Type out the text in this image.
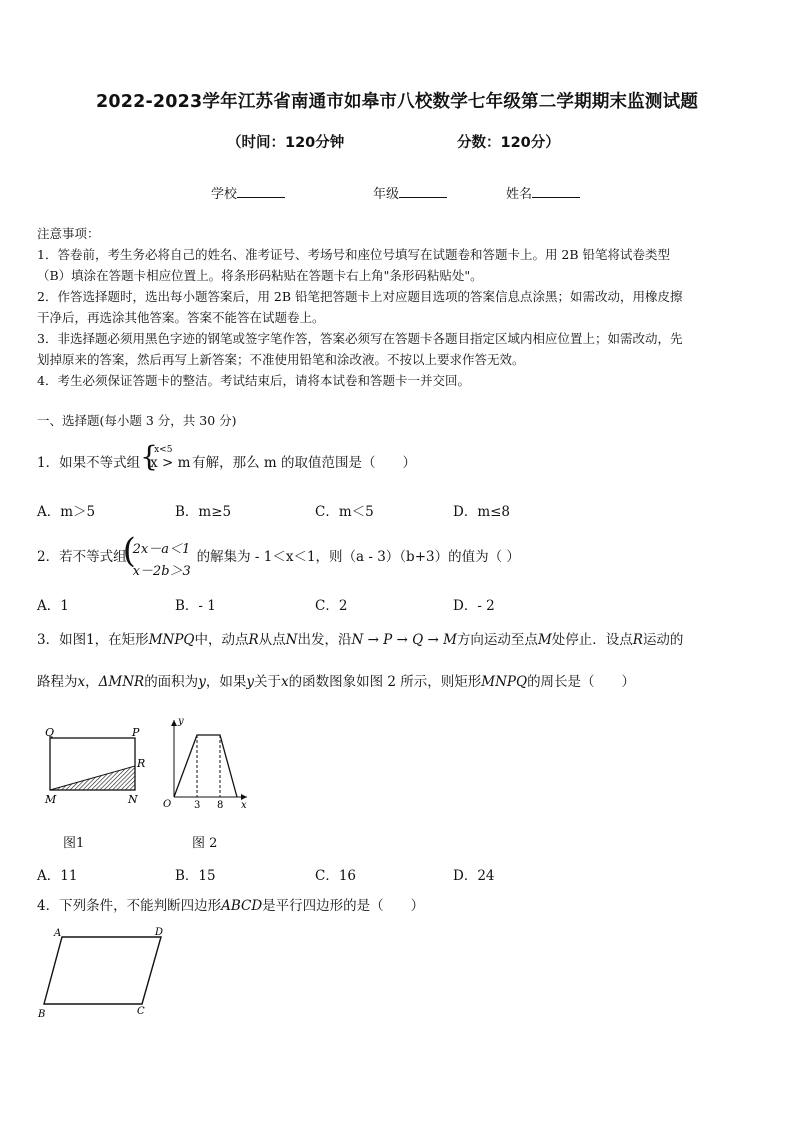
2022-2023学年江苏省南通市如皋市八校数学七年级第二学期期末监测试题
（时间：120分钟	分数：120分）
学校	年级	姓名
注意事项：
1．答卷前，考生务必将自己的姓名、准考证号、考场号和座位号填写在试题卷和答题卡上。用 2B 铅笔将试卷类型
（B）填涂在答题卡相应位置上。将条形码粘贴在答题卡右上角"条形码粘贴处"。
2．作答选择题时，选出每小题答案后，用 2B 铅笔把答题卡上对应题目选项的答案信息点涂黑；如需改动，用橡皮擦
干净后，再选涂其他答案。答案不能答在试题卷上。
3．非选择题必须用黑色字迹的钢笔或签字笔作答，答案必须写在答题卡各题目指定区域内相应位置上；如需改动，先
划掉原来的答案，然后再写上新答案；不准使用铅笔和涂改液。不按以上要求作答无效。
4．考生必须保证答题卡的整洁。考试结束后，请将本试卷和答题卡一并交回。
一、选择题(每小题 3 分，共 30 分)
1．如果不等式组 {
x<5
x > m 有解，那么 m 的取值范围是（　　）
A．m＞5	B．m≥5	C．m＜5	D．m≤8
2．若不等式组
(
2x－a＜1
x－2b＞3
的解集为 - 1＜x＜1，则（a - 3）（b+3）的值为（ ）
A．1	B．- 1	C．2	D．- 2
3．如图1，在矩形MNPQ中，动点R从点N出发，沿N → P → Q → M方向运动至点M处停止．设点R运动的
路程为x，ΔMNR的面积为y，如果y关于x的函数图象如图 2 所示，则矩形MNPQ的周长是（　　）
Q	P
R
M	N
图1
y
O	x
3 8
图 2
A．11	B．15	C．16	D．24
4．下列条件，不能判断四边形ABCD是平行四边形的是（　　）
A	D
B	C
